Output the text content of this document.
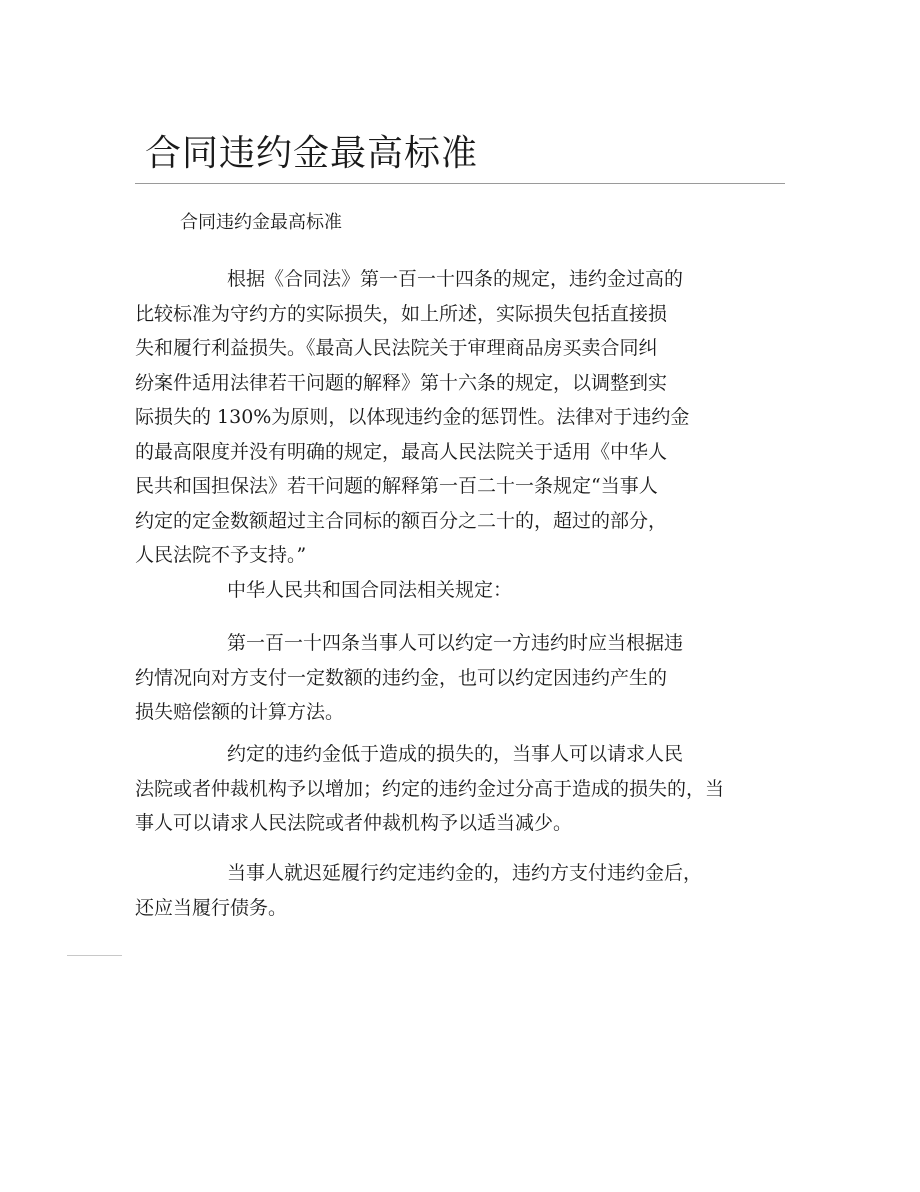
合同违约金最高标准

合同违约金最高标准

根据《合同法》第一百一十四条的规定，违约金过高的
比较标准为守约方的实际损失，如上所述，实际损失包括直接损
失和履行利益损失。《最高人民法院关于审理商品房买卖合同纠
纷案件适用法律若干问题的解释》第十六条的规定，以调整到实
际损失的 130%为原则，以体现违约金的惩罚性。法律对于违约金
的最高限度并没有明确的规定，最高人民法院关于适用《中华人
民共和国担保法》若干问题的解释第一百二十一条规定“当事人
约定的定金数额超过主合同标的额百分之二十的，超过的部分，
人民法院不予支持。”

中华人民共和国合同法相关规定：

第一百一十四条当事人可以约定一方违约时应当根据违
约情况向对方支付一定数额的违约金，也可以约定因违约产生的
损失赔偿额的计算方法。

约定的违约金低于造成的损失的，当事人可以请求人民
法院或者仲裁机构予以增加；约定的违约金过分高于造成的损失的，当
事人可以请求人民法院或者仲裁机构予以适当减少。

当事人就迟延履行约定违约金的，违约方支付违约金后，
还应当履行债务。
